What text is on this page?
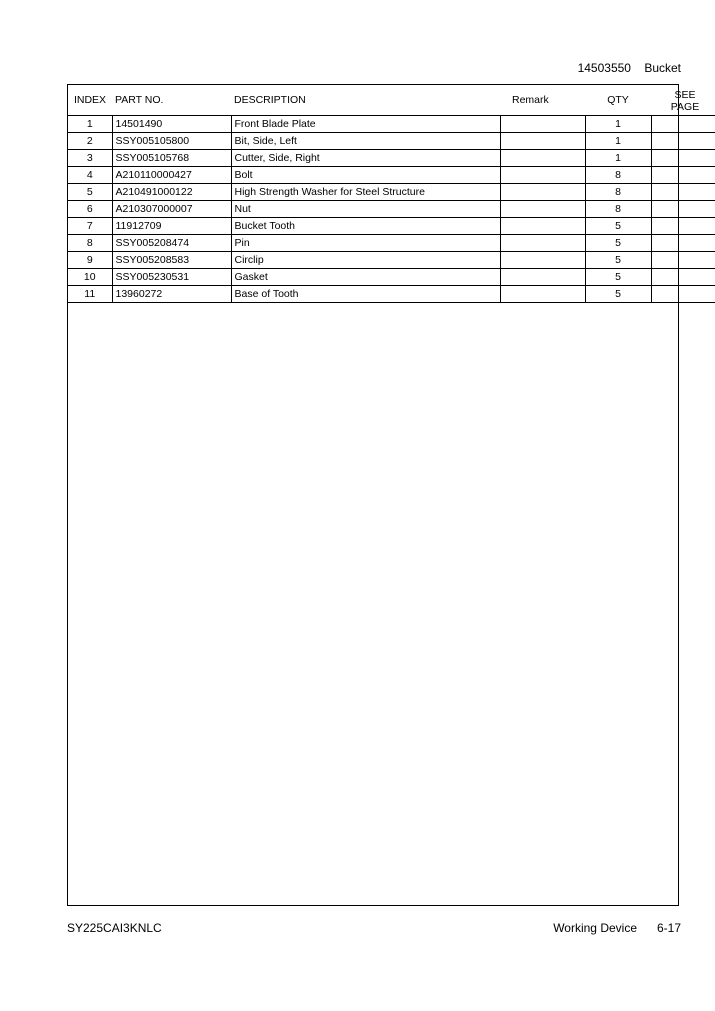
14503550 Bucket
INDEX	PART NO.	DESCRIPTION	Remark	QTY	SEE
PAGE
1	14501490	Front Blade Plate		1	
2	SSY005105800	Bit, Side, Left		1	
3	SSY005105768	Cutter, Side, Right		1	
4	A210110000427	Bolt		8	
5	A210491000122	High Strength Washer for Steel Structure		8	
6	A210307000007	Nut		8	
7	11912709	Bucket Tooth		5	
8	SSY005208474	Pin		5	
9	SSY005208583	Circlip		5	
10	SSY005230531	Gasket		5	
11	13960272	Base of Tooth		5	
SY225CAI3KNLC	Working Device 6-17
